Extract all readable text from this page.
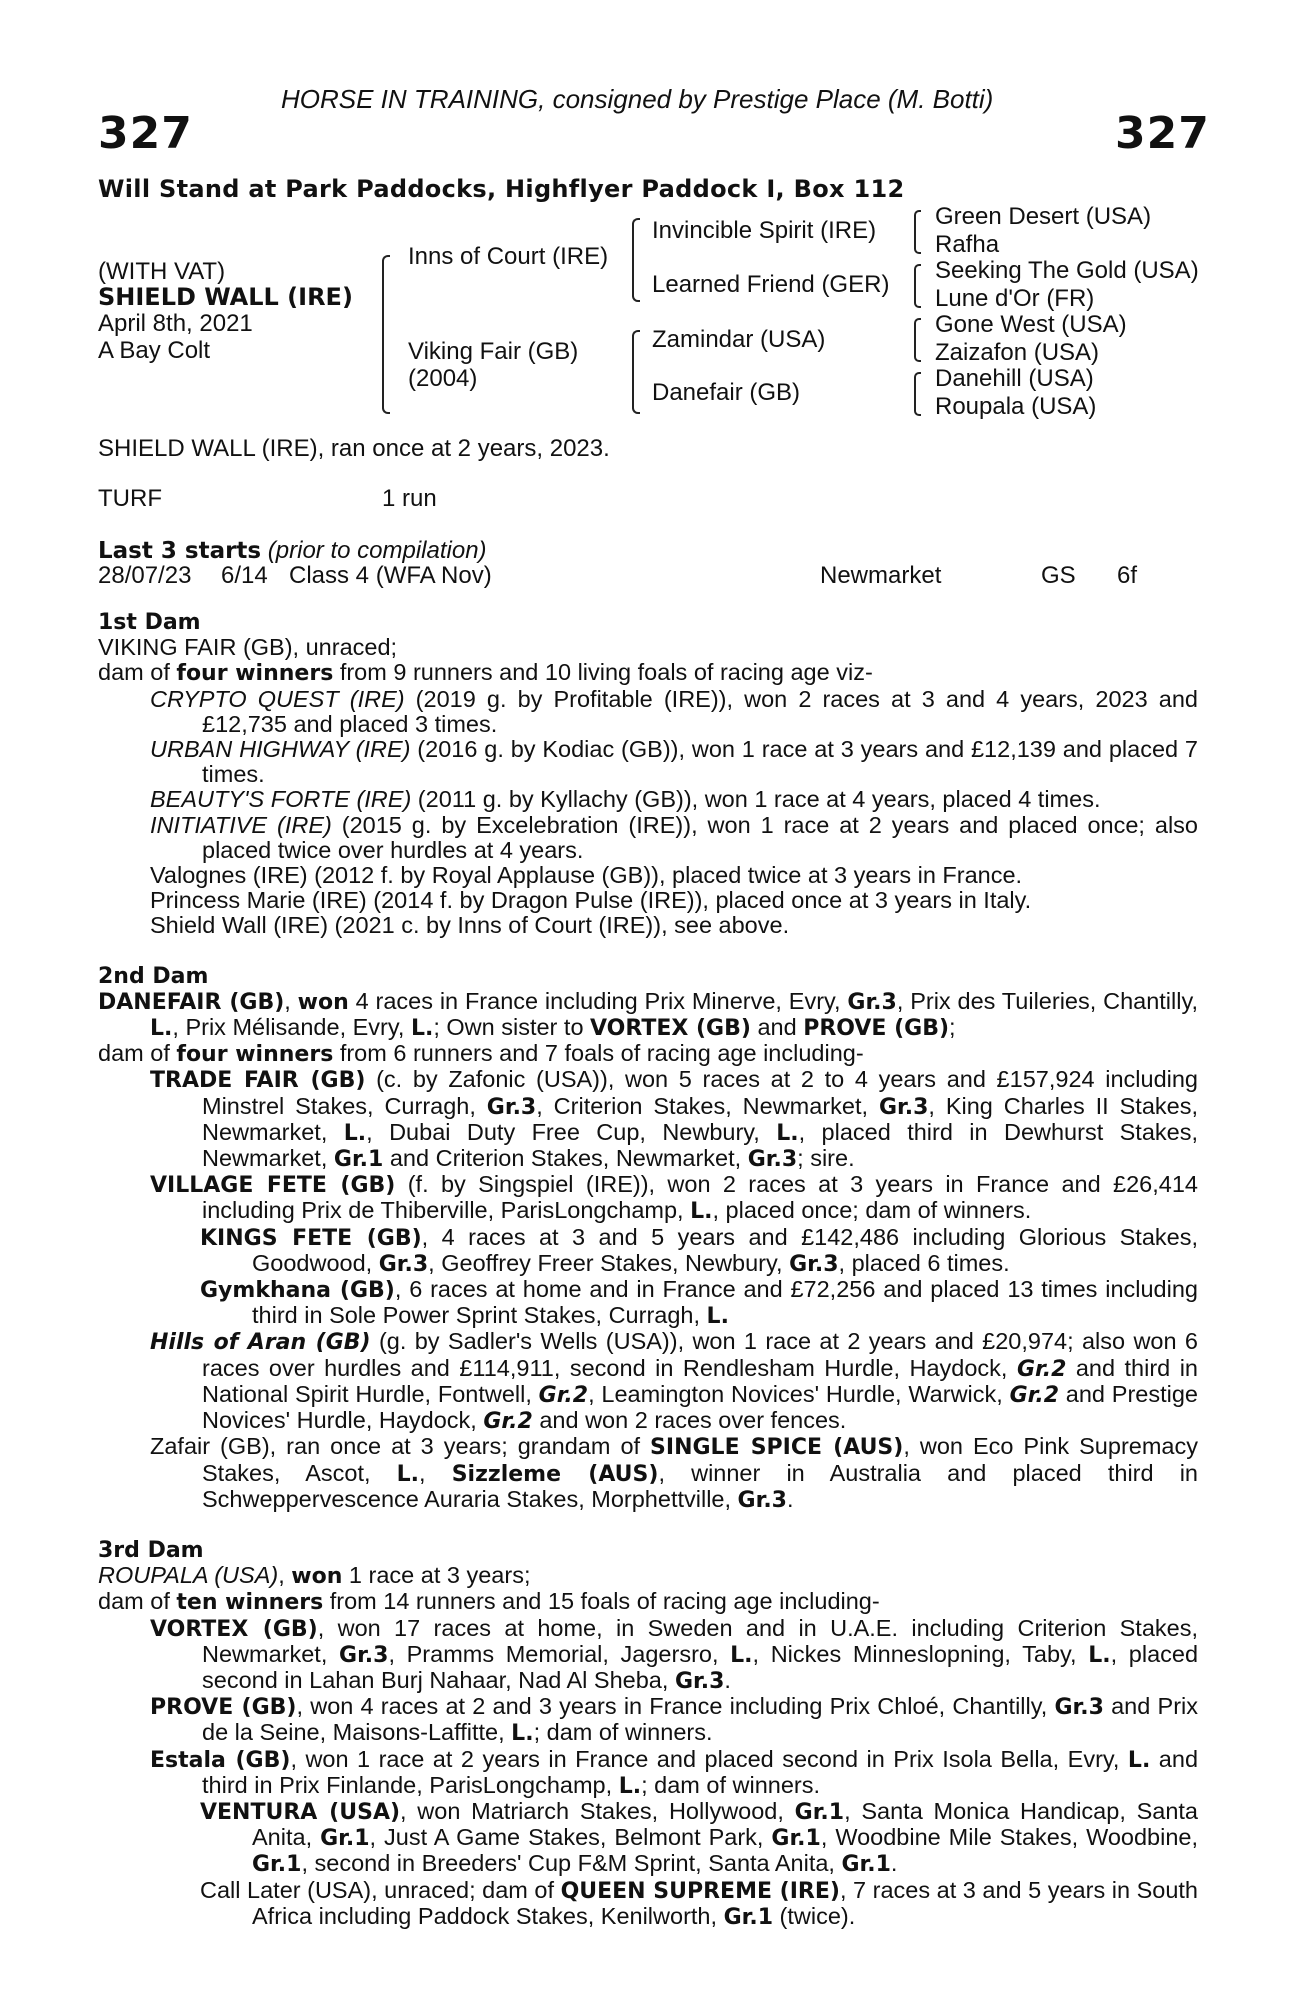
HORSE IN TRAINING, consigned by Prestige Place (M. Botti)
327	327
Will Stand at Park Paddocks, Highflyer Paddock I, Box 112
(WITH VAT)
SHIELD WALL (IRE)
April 8th, 2021
A Bay Colt
Inns of Court (IRE)
Viking Fair (GB)
(2004)
Invincible Spirit (IRE)
Learned Friend (GER)
Zamindar (USA)
Danefair (GB)
Green Desert (USA)
Rafha
Seeking The Gold (USA)
Lune d'Or (FR)
Gone West (USA)
Zaizafon (USA)
Danehill (USA)
Roupala (USA)
SHIELD WALL (IRE), ran once at 2 years, 2023.
TURF	1 run
Last 3 starts (prior to compilation)
28/07/23 6/14 Class 4 (WFA Nov)	Newmarket	GS 6f

1st Dam

VIKING FAIR (GB), unraced;

dam of four winners from 9 runners and 10 living foals of racing age viz-

CRYPTO QUEST (IRE) (2019 g. by Profitable (IRE)), won 2 races at 3 and 4 years, 2023 and £12,735 and placed 3 times.

URBAN HIGHWAY (IRE) (2016 g. by Kodiac (GB)), won 1 race at 3 years and £12,139 and placed 7 times.

BEAUTY'S FORTE (IRE) (2011 g. by Kyllachy (GB)), won 1 race at 4 years, placed 4 times.

INITIATIVE (IRE) (2015 g. by Excelebration (IRE)), won 1 race at 2 years and placed once; also placed twice over hurdles at 4 years.

Valognes (IRE) (2012 f. by Royal Applause (GB)), placed twice at 3 years in France.

Princess Marie (IRE) (2014 f. by Dragon Pulse (IRE)), placed once at 3 years in Italy.

Shield Wall (IRE) (2021 c. by Inns of Court (IRE)), see above.

2nd Dam

DANEFAIR (GB), won 4 races in France including Prix Minerve, Evry, Gr.3, Prix des Tuileries, Chantilly, L., Prix Mélisande, Evry, L.; Own sister to VORTEX (GB) and PROVE (GB);

dam of four winners from 6 runners and 7 foals of racing age including-

TRADE FAIR (GB) (c. by Zafonic (USA)), won 5 races at 2 to 4 years and £157,924 including Minstrel Stakes, Curragh, Gr.3, Criterion Stakes, Newmarket, Gr.3, King Charles II Stakes, Newmarket, L., Dubai Duty Free Cup, Newbury, L., placed third in Dewhurst Stakes, Newmarket, Gr.1 and Criterion Stakes, Newmarket, Gr.3; sire.

VILLAGE FETE (GB) (f. by Singspiel (IRE)), won 2 races at 3 years in France and £26,414 including Prix de Thiberville, ParisLongchamp, L., placed once; dam of winners.

KINGS FETE (GB), 4 races at 3 and 5 years and £142,486 including Glorious Stakes, Goodwood, Gr.3, Geoffrey Freer Stakes, Newbury, Gr.3, placed 6 times.

Gymkhana (GB), 6 races at home and in France and £72,256 and placed 13 times including third in Sole Power Sprint Stakes, Curragh, L.

Hills of Aran (GB) (g. by Sadler's Wells (USA)), won 1 race at 2 years and £20,974; also won 6 races over hurdles and £114,911, second in Rendlesham Hurdle, Haydock, Gr.2 and third in National Spirit Hurdle, Fontwell, Gr.2, Leamington Novices' Hurdle, Warwick, Gr.2 and Prestige Novices' Hurdle, Haydock, Gr.2 and won 2 races over fences.

Zafair (GB), ran once at 3 years; grandam of SINGLE SPICE (AUS), won Eco Pink Supremacy Stakes, Ascot, L., Sizzleme (AUS), winner in Australia and placed third in Schweppervescence Auraria Stakes, Morphettville, Gr.3.

3rd Dam

ROUPALA (USA), won 1 race at 3 years;

dam of ten winners from 14 runners and 15 foals of racing age including-

VORTEX (GB), won 17 races at home, in Sweden and in U.A.E. including Criterion Stakes, Newmarket, Gr.3, Pramms Memorial, Jagersro, L., Nickes Minneslopning, Taby, L., placed second in Lahan Burj Nahaar, Nad Al Sheba, Gr.3.

PROVE (GB), won 4 races at 2 and 3 years in France including Prix Chloé, Chantilly, Gr.3 and Prix de la Seine, Maisons-Laffitte, L.; dam of winners.

Estala (GB), won 1 race at 2 years in France and placed second in Prix Isola Bella, Evry, L. and third in Prix Finlande, ParisLongchamp, L.; dam of winners.

VENTURA (USA), won Matriarch Stakes, Hollywood, Gr.1, Santa Monica Handicap, Santa Anita, Gr.1, Just A Game Stakes, Belmont Park, Gr.1, Woodbine Mile Stakes, Woodbine, Gr.1, second in Breeders' Cup F&M Sprint, Santa Anita, Gr.1.

Call Later (USA), unraced; dam of QUEEN SUPREME (IRE), 7 races at 3 and 5 years in South Africa including Paddock Stakes, Kenilworth, Gr.1 (twice).
